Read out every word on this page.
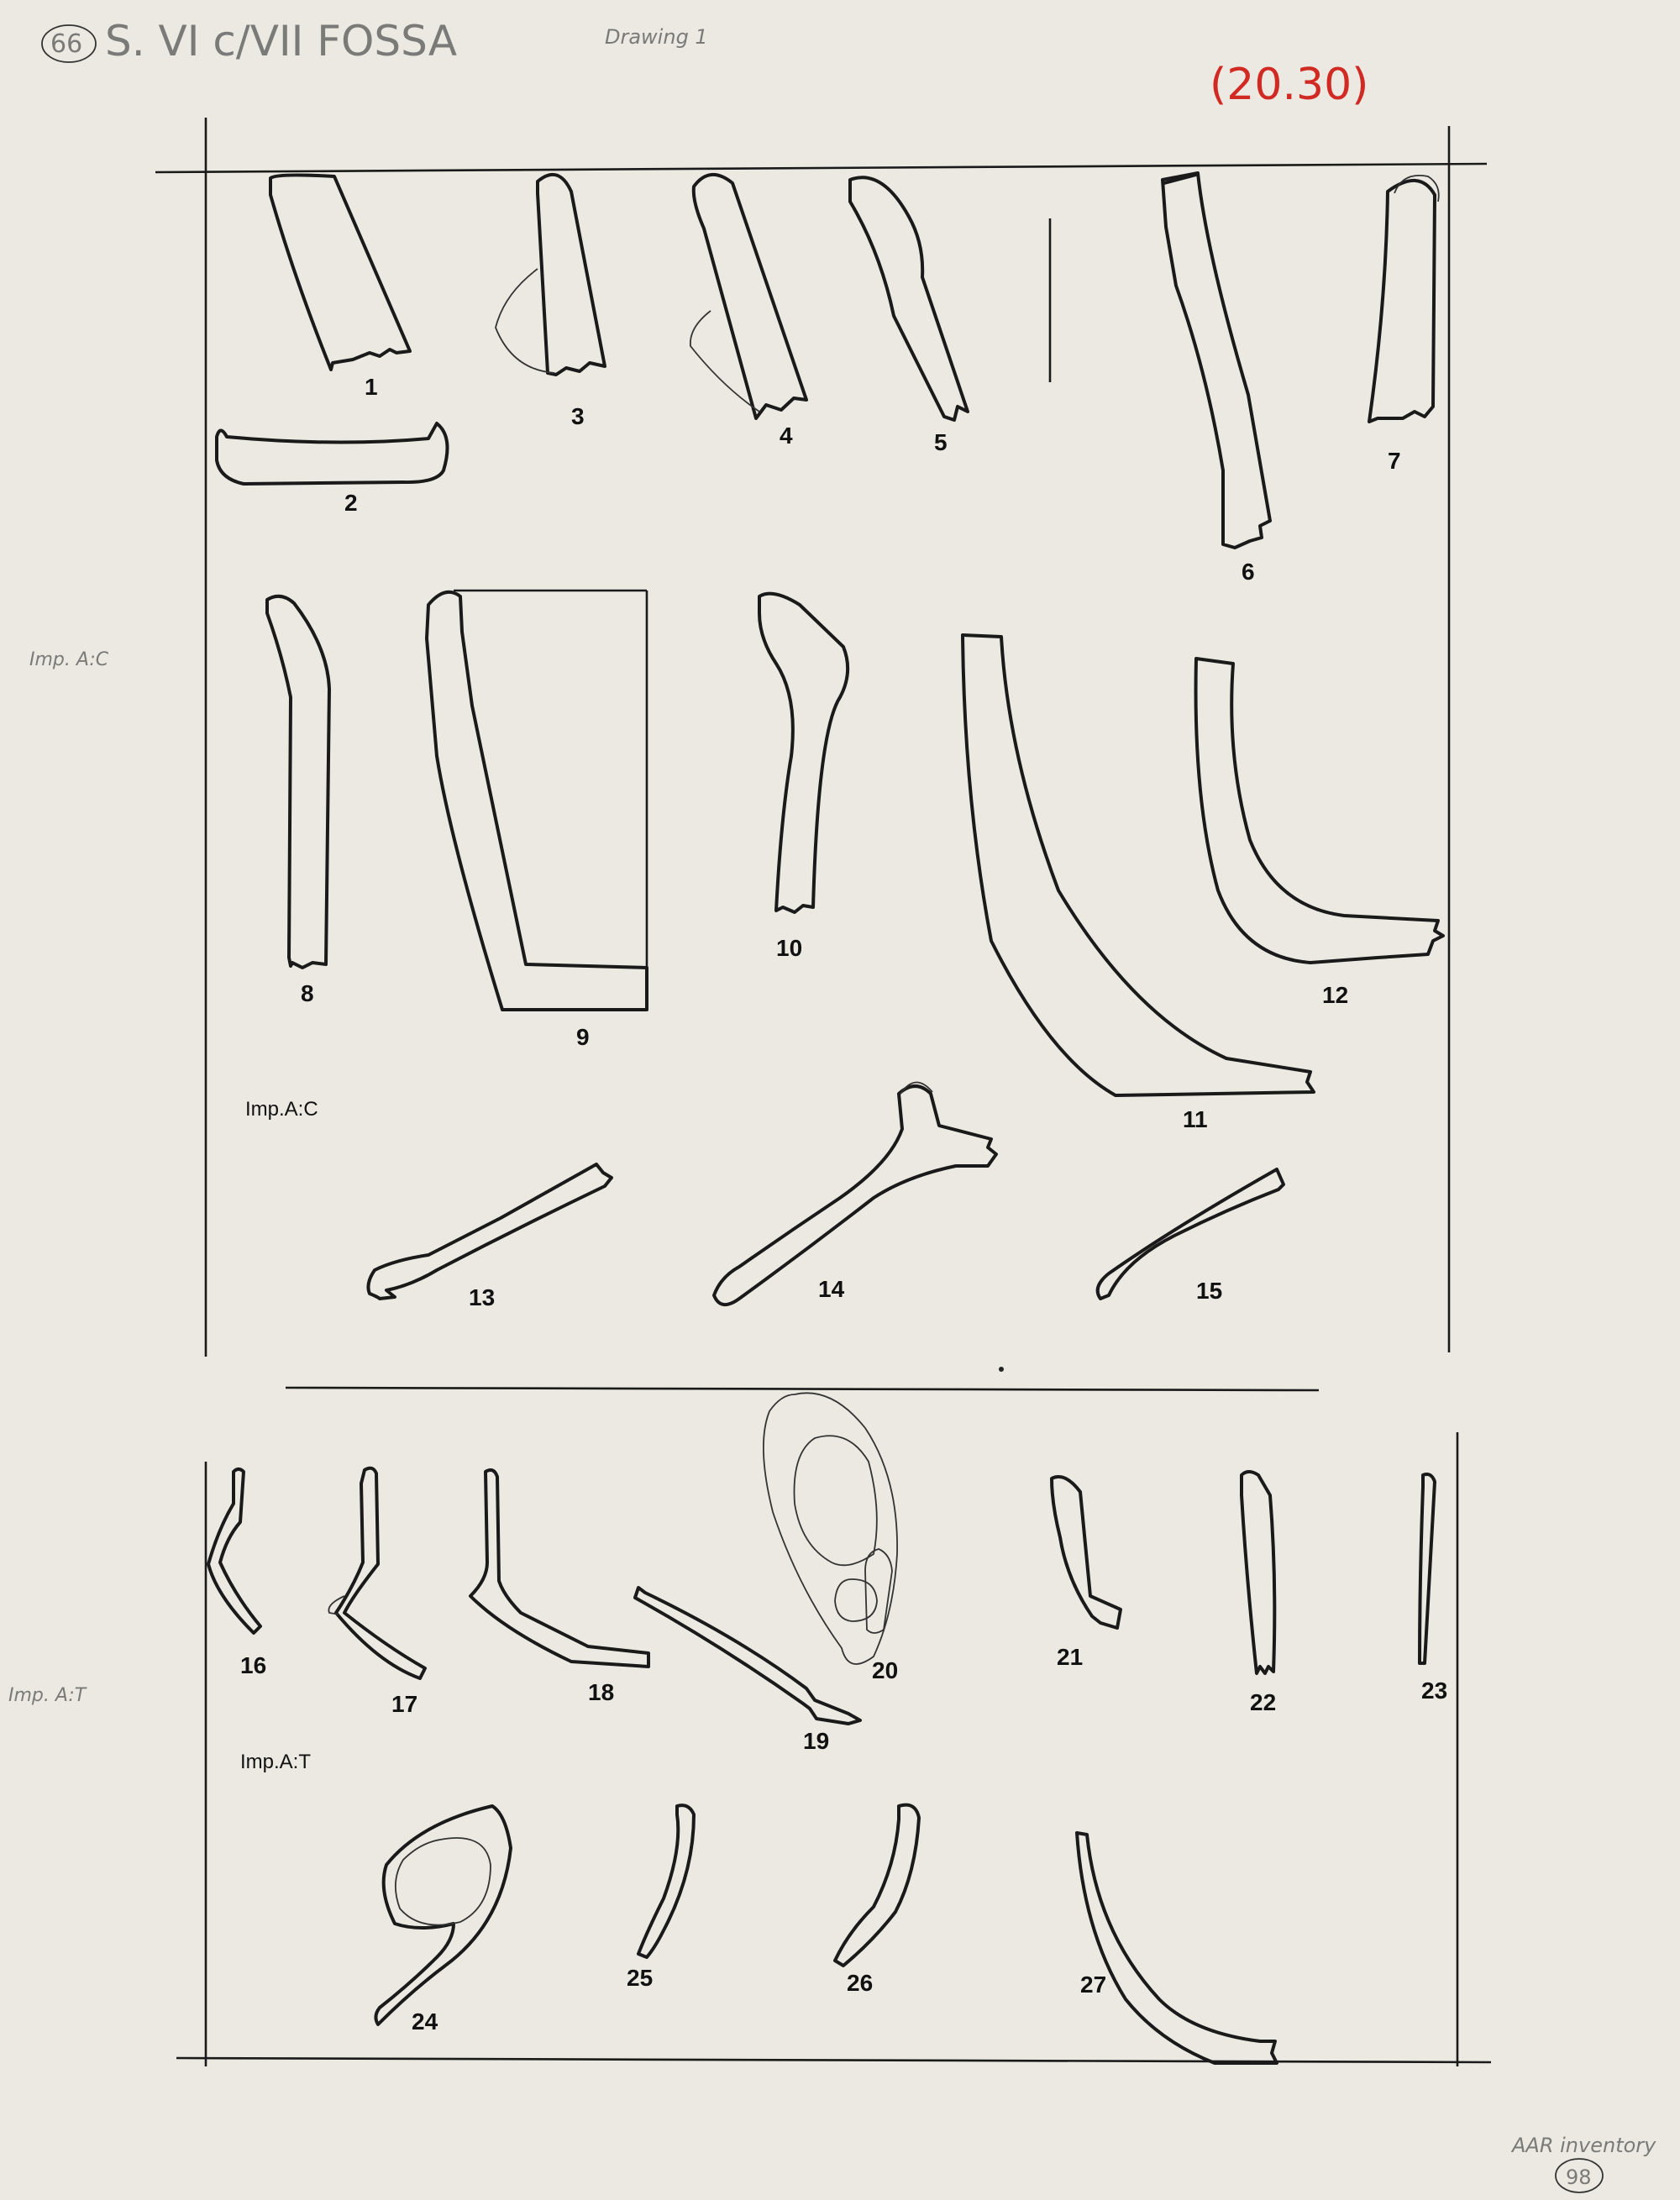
66 S. VI c/VII FOSSA	Drawing 1
(20.30)
Imp. A:C
Imp. A:T
Imp.A:C
Imp.A:T
1
2
3
4	5
6
7
8
9
10
11
12
13	14	15
16
17	18
19
20
21
22	23
24
25	26	27
AAR inventory
98
